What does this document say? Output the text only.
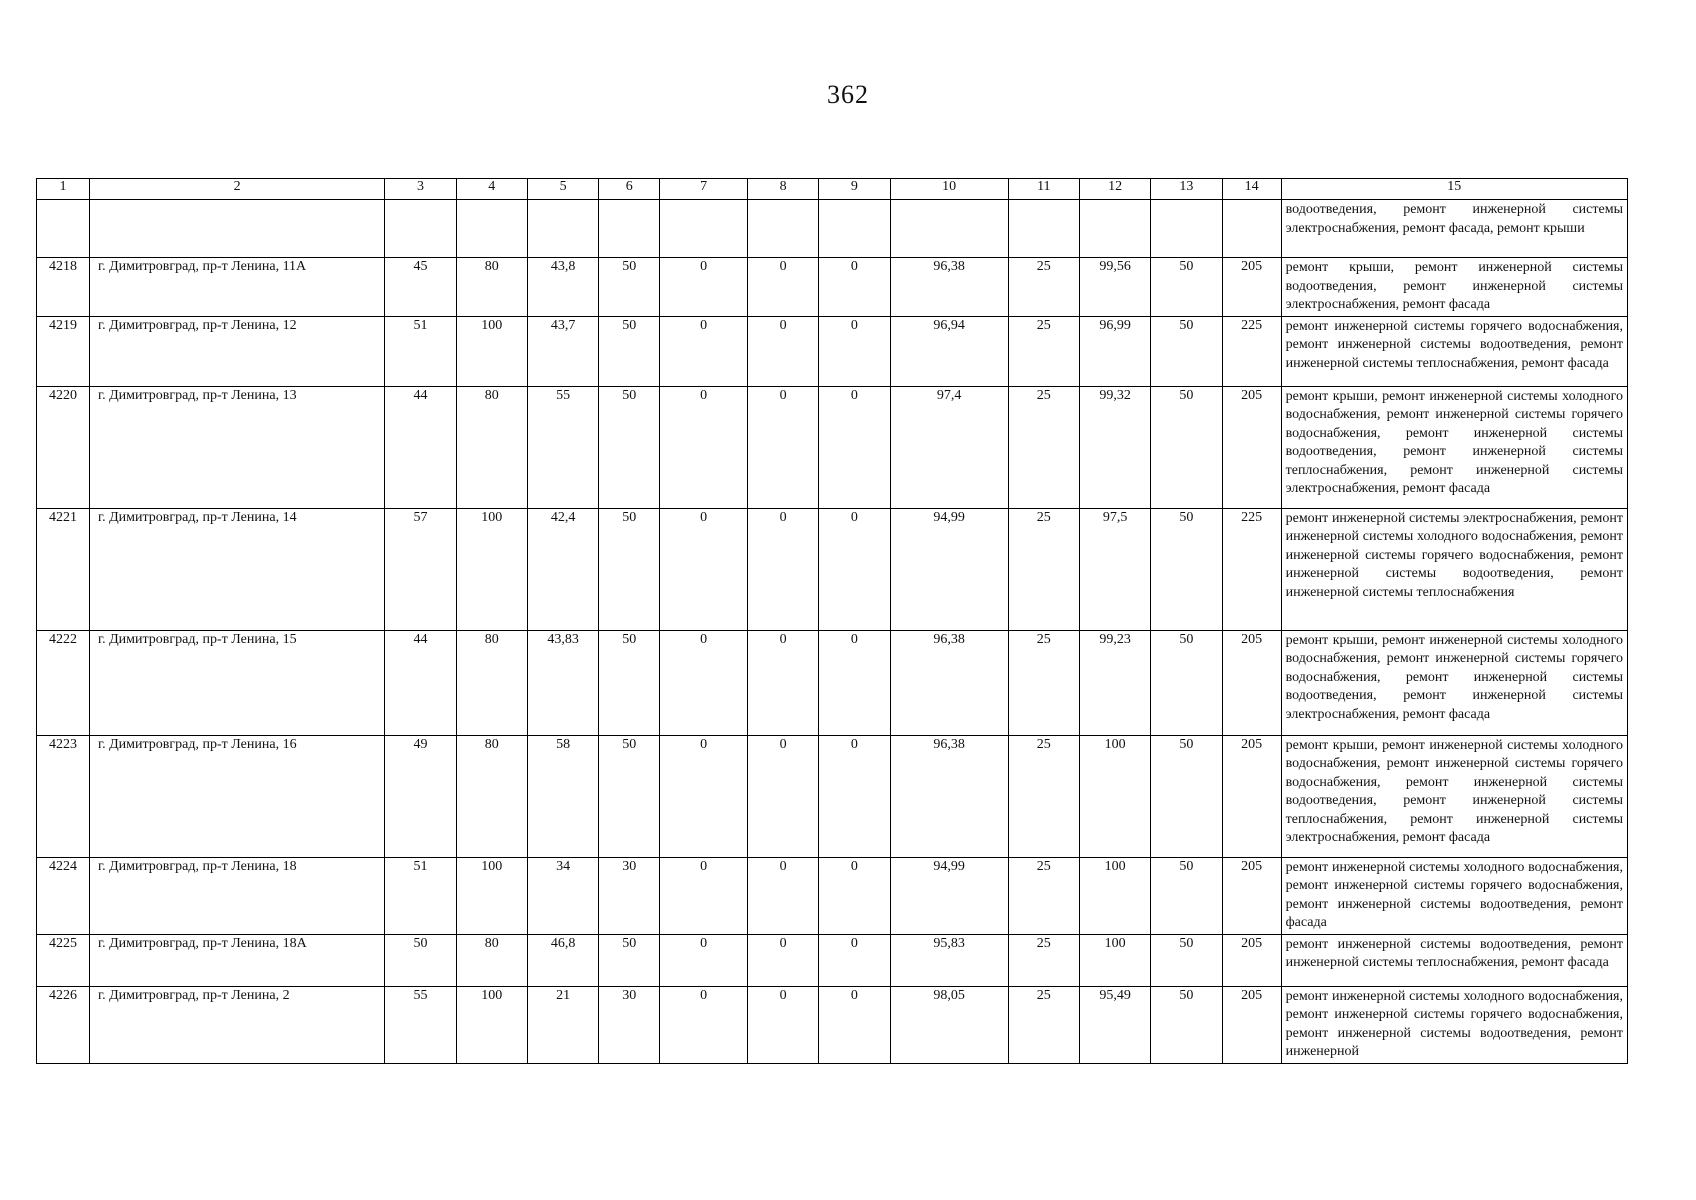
362
1	2	3	4	5	6	7	8	9	10	11	12	13	14	15
														водоотведения, ремонт инженерной системы электроснабжения, ремонт фасада, ремонт крыши
4218	г. Димитровград, пр-т Ленина, 11А	45	80	43,8	50	0	0	0	96,38	25	99,56	50	205	ремонт крыши, ремонт инженерной системы водоотведения, ремонт инженерной системы электроснабжения, ремонт фасада
4219	г. Димитровград, пр-т Ленина, 12	51	100	43,7	50	0	0	0	96,94	25	96,99	50	225	ремонт инженерной системы горячего водоснабжения, ремонт инженерной системы водоотведения, ремонт инженерной системы теплоснабжения, ремонт фасада
4220	г. Димитровград, пр-т Ленина, 13	44	80	55	50	0	0	0	97,4	25	99,32	50	205	ремонт крыши, ремонт инженерной системы холодного водоснабжения, ремонт инженерной системы горячего водоснабжения, ремонт инженерной системы водоотведения, ремонт инженерной системы теплоснабжения, ремонт инженерной системы электроснабжения, ремонт фасада
4221	г. Димитровград, пр-т Ленина, 14	57	100	42,4	50	0	0	0	94,99	25	97,5	50	225	ремонт инженерной системы электроснабжения, ремонт инженерной системы холодного водоснабжения, ремонт инженерной системы горячего водоснабжения, ремонт инженерной системы водоотведения, ремонт инженерной системы теплоснабжения
4222	г. Димитровград, пр-т Ленина, 15	44	80	43,83	50	0	0	0	96,38	25	99,23	50	205	ремонт крыши, ремонт инженерной системы холодного водоснабжения, ремонт инженерной системы горячего водоснабжения, ремонт инженерной системы водоотведения, ремонт инженерной системы электроснабжения, ремонт фасада
4223	г. Димитровград, пр-т Ленина, 16	49	80	58	50	0	0	0	96,38	25	100	50	205	ремонт крыши, ремонт инженерной системы холодного водоснабжения, ремонт инженерной системы горячего водоснабжения, ремонт инженерной системы водоотведения, ремонт инженерной системы теплоснабжения, ремонт инженерной системы электроснабжения, ремонт фасада
4224	г. Димитровград, пр-т Ленина, 18	51	100	34	30	0	0	0	94,99	25	100	50	205	ремонт инженерной системы холодного водоснабжения, ремонт инженерной системы горячего водоснабжения, ремонт инженерной системы водоотведения, ремонт фасада
4225	г. Димитровград, пр-т Ленина, 18А	50	80	46,8	50	0	0	0	95,83	25	100	50	205	ремонт инженерной системы водоотведения, ремонт инженерной системы теплоснабжения, ремонт фасада
4226	г. Димитровград, пр-т Ленина, 2	55	100	21	30	0	0	0	98,05	25	95,49	50	205	ремонт инженерной системы холодного водоснабжения, ремонт инженерной системы горячего водоснабжения, ремонт инженерной системы водоотведения, ремонт инженерной
